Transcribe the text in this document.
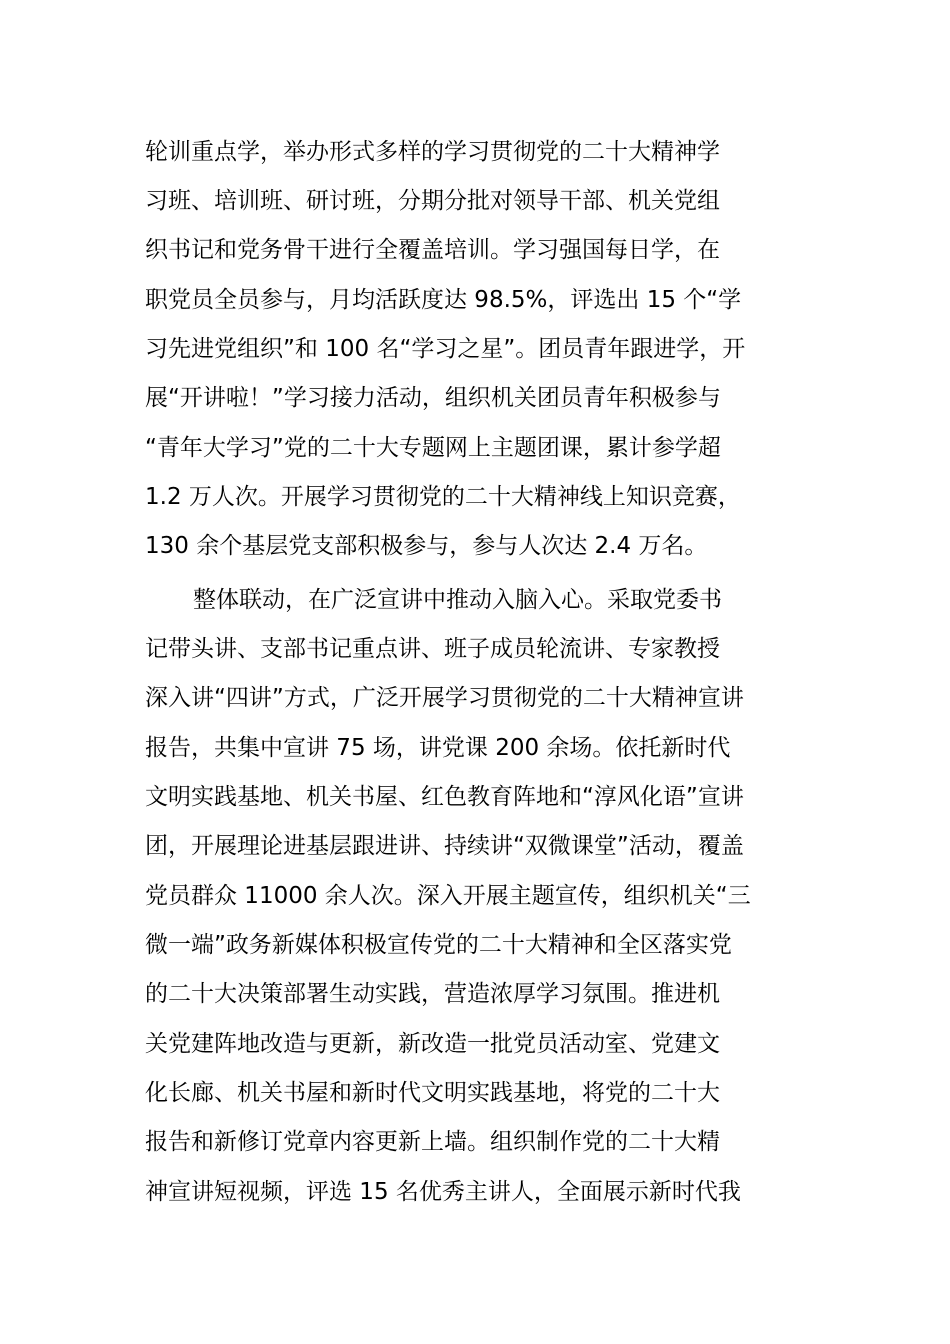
轮训重点学，举办形式多样的学习贯彻党的二十大精神学
习班、培训班、研讨班，分期分批对领导干部、机关党组
织书记和党务骨干进行全覆盖培训。学习强国每日学，在
职党员全员参与，月均活跃度达 98.5%，评选出 15 个“学
习先进党组织”和 100 名“学习之星”。团员青年跟进学，开
展“开讲啦！”学习接力活动，组织机关团员青年积极参与
“青年大学习”党的二十大专题网上主题团课，累计参学超
1.2 万人次。开展学习贯彻党的二十大精神线上知识竞赛，
130 余个基层党支部积极参与，参与人次达 2.4 万名。
整体联动，在广泛宣讲中推动入脑入心。采取党委书
记带头讲、支部书记重点讲、班子成员轮流讲、专家教授
深入讲“四讲”方式，广泛开展学习贯彻党的二十大精神宣讲
报告，共集中宣讲 75 场，讲党课 200 余场。依托新时代
文明实践基地、机关书屋、红色教育阵地和“淳风化语”宣讲
团，开展理论进基层跟进讲、持续讲“双微课堂”活动，覆盖
党员群众 11000 余人次。深入开展主题宣传，组织机关“三
微一端”政务新媒体积极宣传党的二十大精神和全区落实党
的二十大决策部署生动实践，营造浓厚学习氛围。推进机
关党建阵地改造与更新，新改造一批党员活动室、党建文
化长廊、机关书屋和新时代文明实践基地，将党的二十大
报告和新修订党章内容更新上墙。组织制作党的二十大精
神宣讲短视频，评选 15 名优秀主讲人，全面展示新时代我
